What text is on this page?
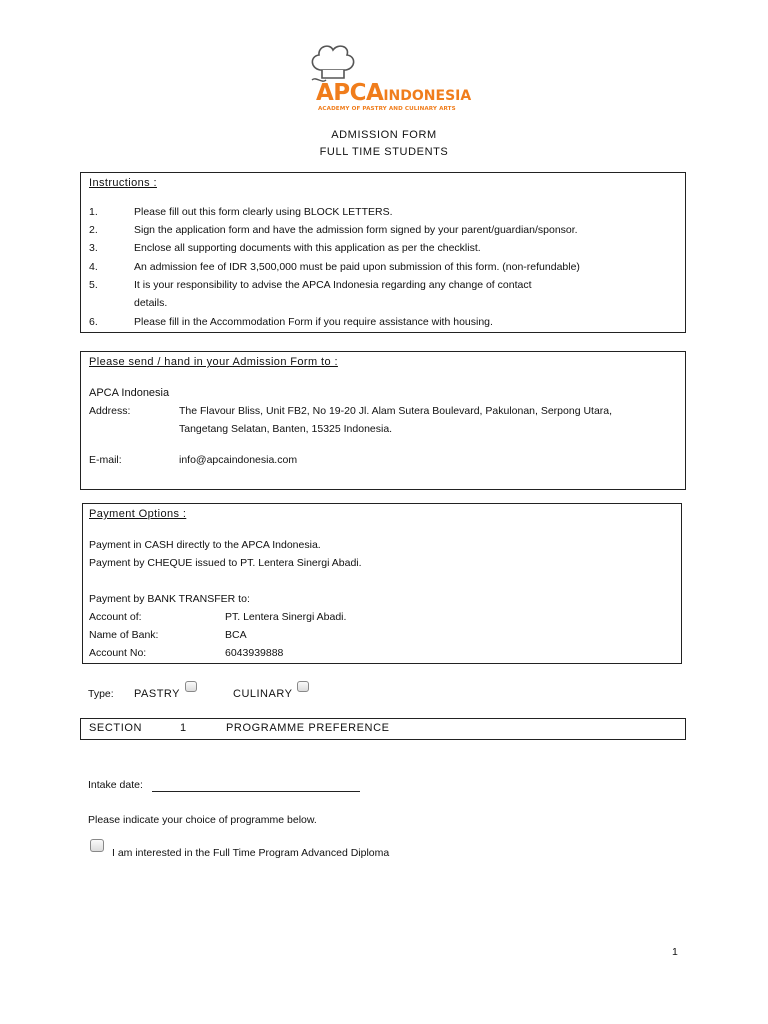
APCAINDONESIA
ACADEMY OF PASTRY AND CULINARY ARTS
ADMISSION FORM
FULL TIME STUDENTS
Instructions :
1.	Please fill out this form clearly using BLOCK LETTERS.
2.	Sign the application form and have the admission form signed by your parent/guardian/sponsor.
3.	Enclose all supporting documents with this application as per the checklist.
4.	An admission fee of IDR 3,500,000 must be paid upon submission of this form. (non-refundable)
5.	It is your responsibility to advise the APCA Indonesia regarding any change of contact
details.
6.	Please fill in the Accommodation Form if you require assistance with housing.
Please send / hand in your Admission Form to :
APCA Indonesia
Address:	The Flavour Bliss, Unit FB2, No 19-20 Jl. Alam Sutera Boulevard, Pakulonan, Serpong Utara,
Tangetang Selatan, Banten, 15325 Indonesia.
E-mail:	info@apcaindonesia.com
Payment Options :
Payment in CASH directly to the APCA Indonesia.
Payment by CHEQUE issued to PT. Lentera Sinergi Abadi.
Payment by BANK TRANSFER to:
Account of:	PT. Lentera Sinergi Abadi.
Name of Bank:	BCA
Account No:	6043939888
Type: PASTRY	CULINARY
SECTION	1	PROGRAMME PREFERENCE
Intake date:
Please indicate your choice of programme below.
I am interested in the Full Time Program Advanced Diploma
1
